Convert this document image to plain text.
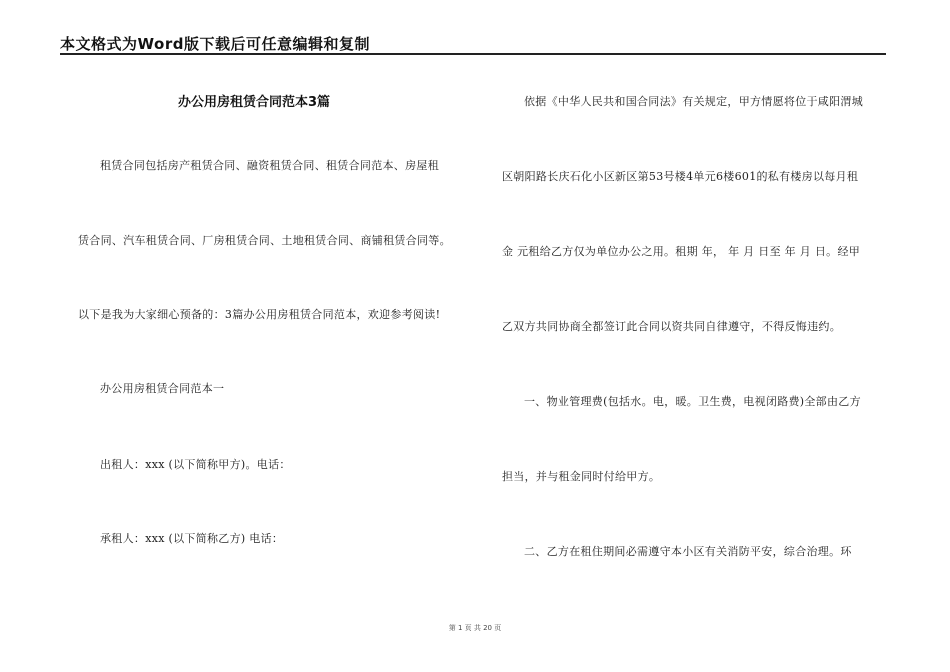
本文格式为Word版下载后可任意编辑和复制
办公用房租赁合同范本3篇
租赁合同包括房产租赁合同、融资租赁合同、租赁合同范本、房屋租
赁合同、汽车租赁合同、厂房租赁合同、土地租赁合同、商铺租赁合同等。
以下是我为大家细心预备的：3篇办公用房租赁合同范本，欢迎参考阅读!
办公用房租赁合同范本一
出租人：xxx (以下简称甲方)。电话：
承租人：xxx (以下简称乙方) 电话：
依据《中华人民共和国合同法》有关规定，甲方情愿将位于咸阳渭城
区朝阳路长庆石化小区新区第53号楼4单元6楼601的私有楼房以每月租
金 元租给乙方仅为单位办公之用。租期 年， 年 月 日至 年 月 日。经甲
乙双方共同协商全都签订此合同以资共同自律遵守，不得反悔违约。
一、物业管理费(包括水。电，暖。卫生费，电视闭路费)全部由乙方
担当，并与租金同时付给甲方。
二、乙方在租住期间必需遵守本小区有关消防平安，综合治理。环
第 1 页 共 20 页
